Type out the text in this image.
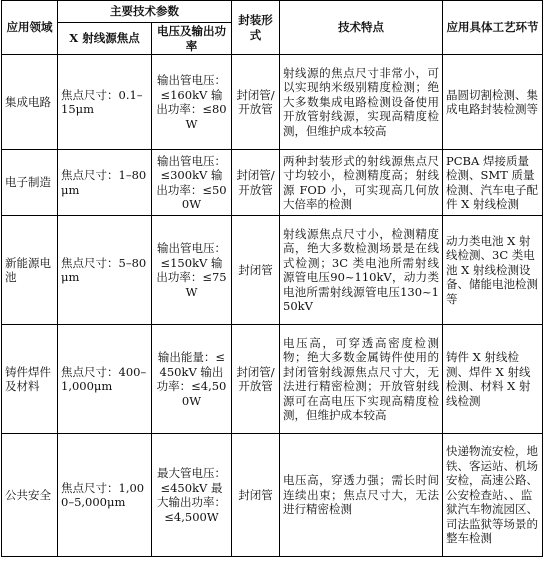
应用领域	主要技术参数		封装形式	技术特点	应用具体工艺环节
	X 射线源焦点	电压及输出功率			
集成电路	焦点尺寸：0.1–15μm	输出管电压：≤160kV 输出功率：≤80W	封闭管/开放管	射线源的焦点尺寸非常小，可以实现纳米级别精度检测；绝大多数集成电路检测设备使用开放管射线源，实现高精度检测，但维护成本较高	晶圆切割检测、集成电路封装检测等
电子制造	焦点尺寸：1–80μm	输出管电压：≤300kV 输出功率：≤500W	封闭管/开放管	两种封装形式的射线源焦点尺寸均较小，检测精度高；射线源 FOD 小，可实现高几何放大倍率的检测	PCBA 焊接质量检测、SMT 质量检测、汽车电子配件 X 射线检测
新能源电池	焦点尺寸：5–80μm	输出管电压：≤150kV 输出功率：≤75W	封闭管	射线源焦点尺寸小，检测精度高，绝大多数检测场景是在线式检测；3C 类电池所需射线源管电压90~110kV，动力类电池所需射线源管电压130~150kV	动力类电池 X 射线检测、3C 类电池 X 射线检测设备、储能电池检测等
铸件焊件及材料	焦点尺寸：400–1,000μm	输出能量：≤450kV 输出功率：≤4,500W	封闭管/开放管	电压高，可穿透高密度检测物；绝大多数金属铸件使用的封闭管射线源焦点尺寸大，无法进行精密检测；开放管射线源可在高电压下实现高精度检测，但维护成本较高	铸件 X 射线检测、焊件 X 射线检测、材料 X 射线检测
公共安全	焦点尺寸：1,000–5,000μm	最大管电压：≤450kV 最大输出功率：≤4,500W	封闭管	电压高，穿透力强；需长时间连续出束；焦点尺寸大，无法进行精密检测	快递物流安检，地铁、客运站、机场安检，高速公路、公安检查站、、监狱汽车物流园区、司法监狱等场景的整车检测
